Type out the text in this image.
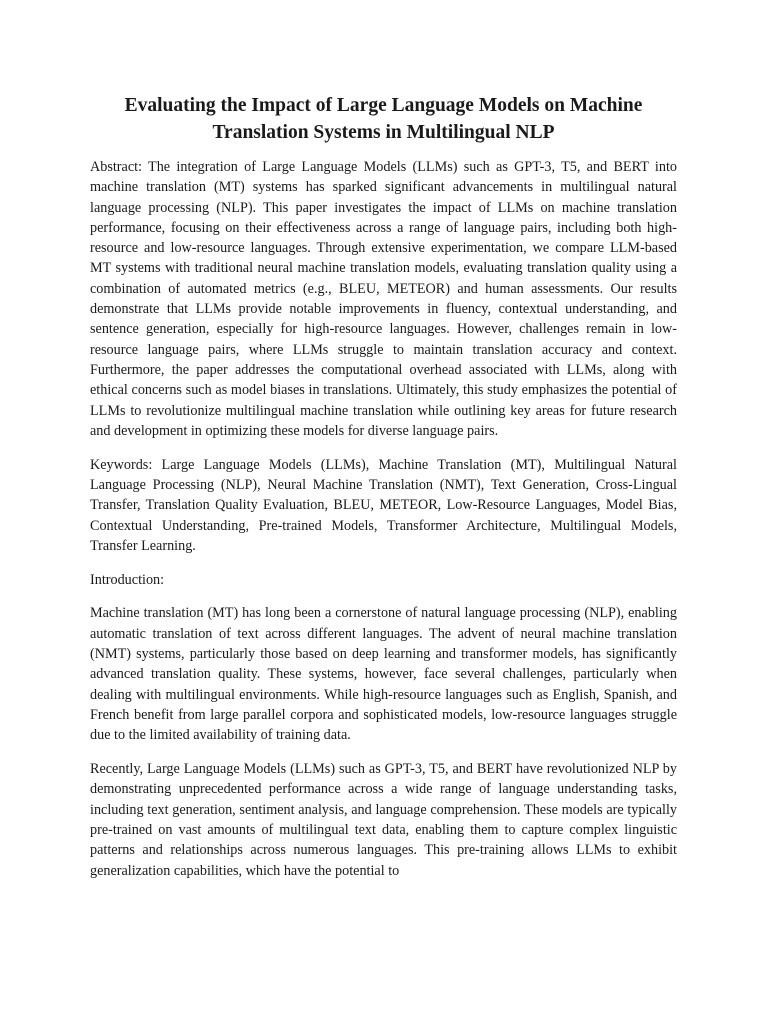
Evaluating the Impact of Large Language Models on Machine Translation Systems in Multilingual NLP

Abstract: The integration of Large Language Models (LLMs) such as GPT-3, T5, and BERT into machine translation (MT) systems has sparked significant advancements in multilingual natural language processing (NLP). This paper investigates the impact of LLMs on machine translation performance, focusing on their effectiveness across a range of language pairs, including both high-resource and low-resource languages. Through extensive experimentation, we compare LLM-based MT systems with traditional neural machine translation models, evaluating translation quality using a combination of automated metrics (e.g., BLEU, METEOR) and human assessments. Our results demonstrate that LLMs provide notable improvements in fluency, contextual understanding, and sentence generation, especially for high-resource languages. However, challenges remain in low-resource language pairs, where LLMs struggle to maintain translation accuracy and context. Furthermore, the paper addresses the computational overhead associated with LLMs, along with ethical concerns such as model biases in translations. Ultimately, this study emphasizes the potential of LLMs to revolutionize multilingual machine translation while outlining key areas for future research and development in optimizing these models for diverse language pairs.

Keywords: Large Language Models (LLMs), Machine Translation (MT), Multilingual Natural Language Processing (NLP), Neural Machine Translation (NMT), Text Generation, Cross-Lingual Transfer, Translation Quality Evaluation, BLEU, METEOR, Low-Resource Languages, Model Bias, Contextual Understanding, Pre-trained Models, Transformer Architecture, Multilingual Models, Transfer Learning.

Introduction:

Machine translation (MT) has long been a cornerstone of natural language processing (NLP), enabling automatic translation of text across different languages. The advent of neural machine translation (NMT) systems, particularly those based on deep learning and transformer models, has significantly advanced translation quality. These systems, however, face several challenges, particularly when dealing with multilingual environments. While high-resource languages such as English, Spanish, and French benefit from large parallel corpora and sophisticated models, low-resource languages struggle due to the limited availability of training data.

Recently, Large Language Models (LLMs) such as GPT-3, T5, and BERT have revolutionized NLP by demonstrating unprecedented performance across a wide range of language understanding tasks, including text generation, sentiment analysis, and language comprehension. These models are typically pre-trained on vast amounts of multilingual text data, enabling them to capture complex linguistic patterns and relationships across numerous languages. This pre-training allows LLMs to exhibit generalization capabilities, which have the potential to
